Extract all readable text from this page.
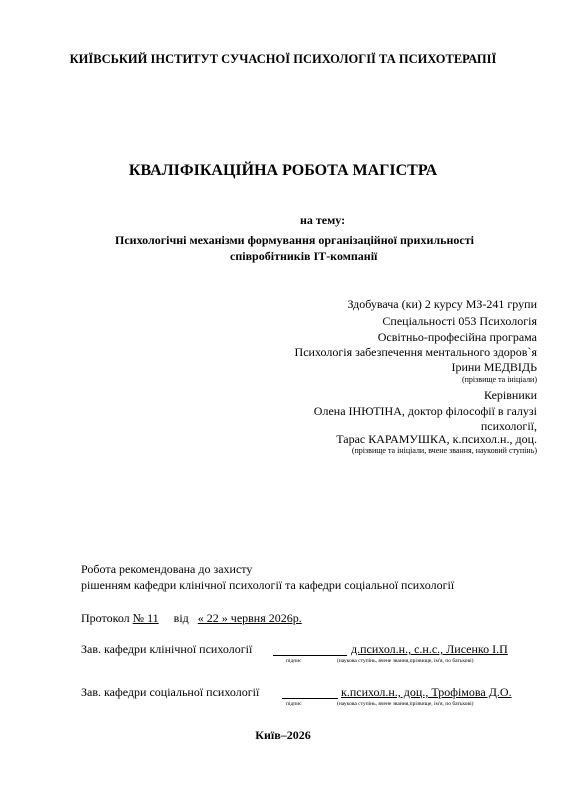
КИЇВСЬКИЙ ІНСТИТУТ СУЧАСНОЇ ПСИХОЛОГІЇ ТА ПСИХОТЕРАПІЇ
КВАЛІФІКАЦІЙНА РОБОТА МАГІСТРА
на тему:
Психологічні механізми формування організаційної прихильності
співробітників ІТ-компанії
Здобувача (ки) 2 курсу МЗ-241 групи
Спеціальності 053 Психологія
Освітньо-професійна програма
Психологія забезпечення ментального здоров`я
Ірини МЕДВІДЬ
(прізвище та ініціали)
Керівники
Олена ІНЮТІНА, доктор філософії в галузі
психології,
Тарас КАРАМУШКА, к.психол.н., доц.
(прізвище та ініціали, вчене звання, науковий ступінь)
Робота рекомендована до захисту
рішенням кафедри клінічної психології та кафедри соціальної психології
Протокол № 11 від « 22 » червня 2026р.
Зав. кафедри клінічної психології	д.психол.н., с.н.с., Лисенко І.П
підпис	(наукова ступінь, вчене звання,прізвище, ім'я, по батькові)
Зав. кафедри соціальної психології	к.психол.н., доц., Трофімова Д.О.
підпис	(наукова ступінь, вчене звання,прізвище, ім'я, по батькові)
Київ–2026
